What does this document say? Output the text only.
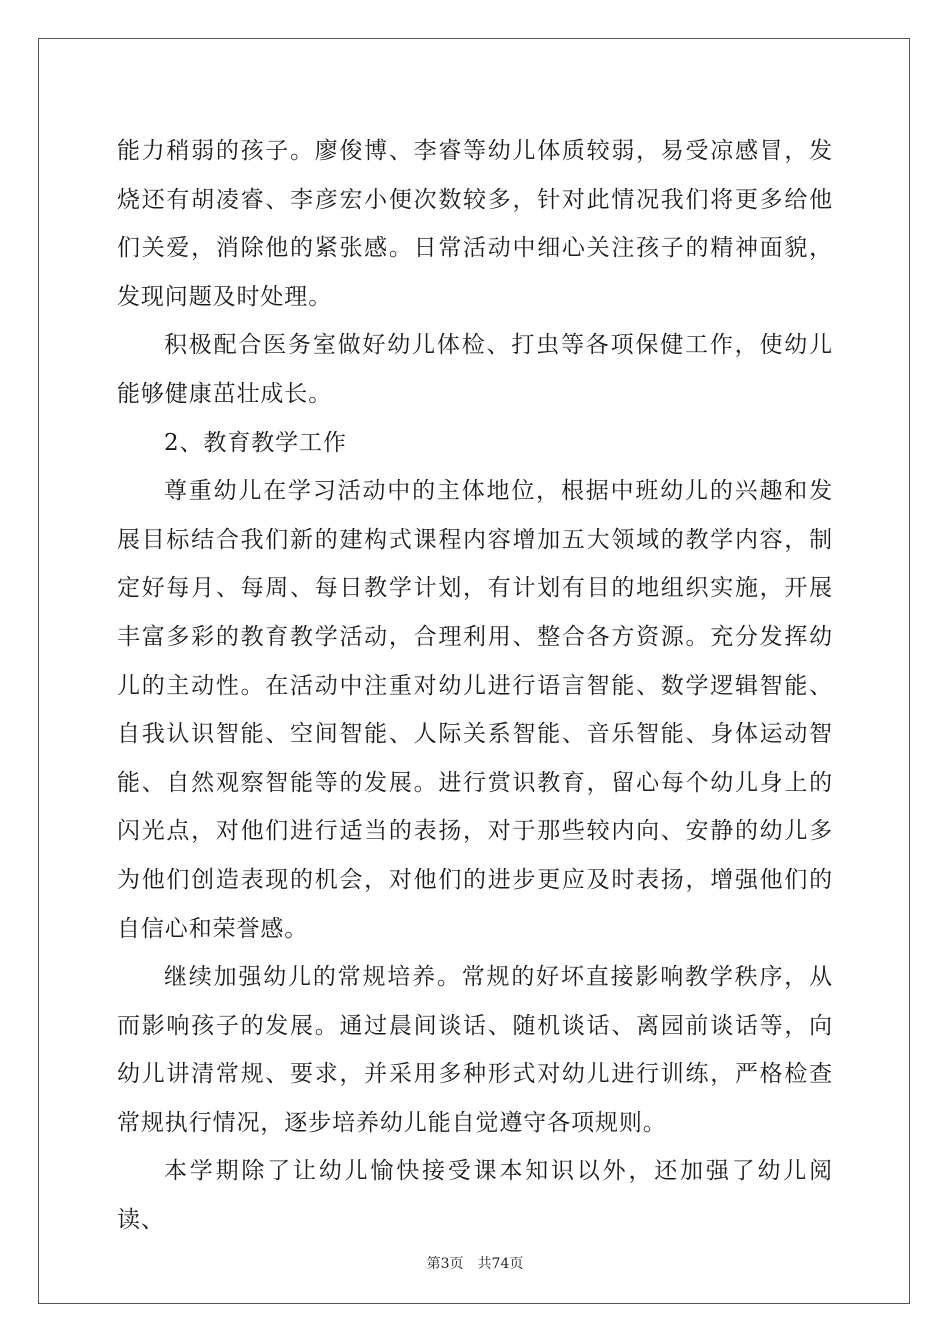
能力稍弱的孩子。廖俊博、李睿等幼儿体质较弱，易受凉感冒，发烧还有胡凌睿、李彦宏小便次数较多，针对此情况我们将更多给他们关爱，消除他的紧张感。日常活动中细心关注孩子的精神面貌，发现问题及时处理。

积极配合医务室做好幼儿体检、打虫等各项保健工作，使幼儿能够健康茁壮成长。

2、教育教学工作

尊重幼儿在学习活动中的主体地位，根据中班幼儿的兴趣和发展目标结合我们新的建构式课程内容增加五大领域的教学内容，制定好每月、每周、每日教学计划，有计划有目的地组织实施，开展丰富多彩的教育教学活动，合理利用、整合各方资源。充分发挥幼儿的主动性。在活动中注重对幼儿进行语言智能、数学逻辑智能、自我认识智能、空间智能、人际关系智能、音乐智能、身体运动智能、自然观察智能等的发展。进行赏识教育，留心每个幼儿身上的闪光点，对他们进行适当的表扬，对于那些较内向、安静的幼儿多为他们创造表现的机会，对他们的进步更应及时表扬，增强他们的自信心和荣誉感。

继续加强幼儿的常规培养。常规的好坏直接影响教学秩序，从而影响孩子的发展。通过晨间谈话、随机谈话、离园前谈话等，向幼儿讲清常规、要求，并采用多种形式对幼儿进行训练，严格检查常规执行情况，逐步培养幼儿能自觉遵守各项规则。

本学期除了让幼儿愉快接受课本知识以外，还加强了幼儿阅读、

第3页 共74页
